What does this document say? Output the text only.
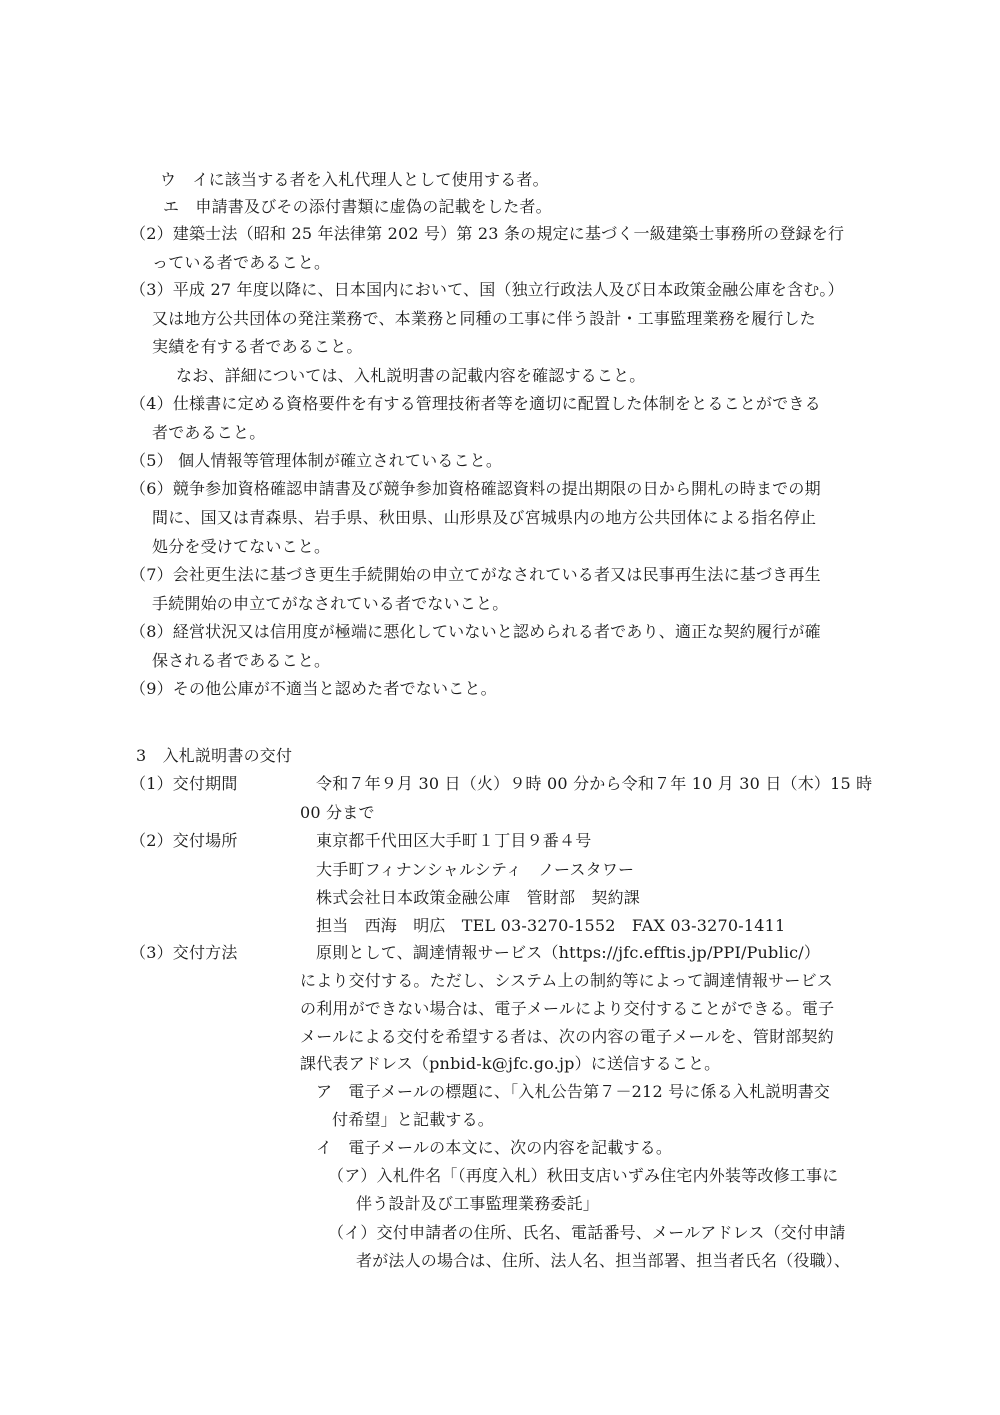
ウ　イに該当する者を入札代理人として使用する者。
エ　申請書及びその添付書類に虚偽の記載をした者。
（2）建築士法（昭和 25 年法律第 202 号）第 23 条の規定に基づく一級建築士事務所の登録を行
っている者であること。
（3）平成 27 年度以降に、日本国内において、国（独立行政法人及び日本政策金融公庫を含む。）
又は地方公共団体の発注業務で、本業務と同種の工事に伴う設計・工事監理業務を履行した
実績を有する者であること。
なお、詳細については、入札説明書の記載内容を確認すること。
（4）仕様書に定める資格要件を有する管理技術者等を適切に配置した体制をとることができる
者であること。
（5） 個人情報等管理体制が確立されていること。
（6）競争参加資格確認申請書及び競争参加資格確認資料の提出期限の日から開札の時までの期
間に、国又は青森県、岩手県、秋田県、山形県及び宮城県内の地方公共団体による指名停止
処分を受けてないこと。
（7）会社更生法に基づき更生手続開始の申立てがなされている者又は民事再生法に基づき再生
手続開始の申立てがなされている者でないこと。
（8）経営状況又は信用度が極端に悪化していないと認められる者であり、適正な契約履行が確
保される者であること。
（9）その他公庫が不適当と認めた者でないこと。
3　入札説明書の交付
（1）交付期間	令和７年９月 30 日（火）９時 00 分から令和７年 10 月 30 日（木）15 時
00 分まで
（2）交付場所	東京都千代田区大手町１丁目９番４号
大手町フィナンシャルシティ　ノースタワー
株式会社日本政策金融公庫　管財部　契約課
担当　西海　明広　TEL 03-3270-1552　FAX 03-3270-1411
（3）交付方法	原則として、調達情報サービス（https://jfc.efftis.jp/PPI/Public/）
により交付する。ただし、システム上の制約等によって調達情報サービス
の利用ができない場合は、電子メールにより交付することができる。電子
メールによる交付を希望する者は、次の内容の電子メールを、管財部契約
課代表アドレス（pnbid-k@jfc.go.jp）に送信すること。
ア　電子メールの標題に、「入札公告第７－212 号に係る入札説明書交
付希望」と記載する。
イ　電子メールの本文に、次の内容を記載する。
（ア）入札件名「（再度入札）秋田支店いずみ住宅内外装等改修工事に
伴う設計及び工事監理業務委託」
（イ）交付申請者の住所、氏名、電話番号、メールアドレス（交付申請
者が法人の場合は、住所、法人名、担当部署、担当者氏名（役職）、
